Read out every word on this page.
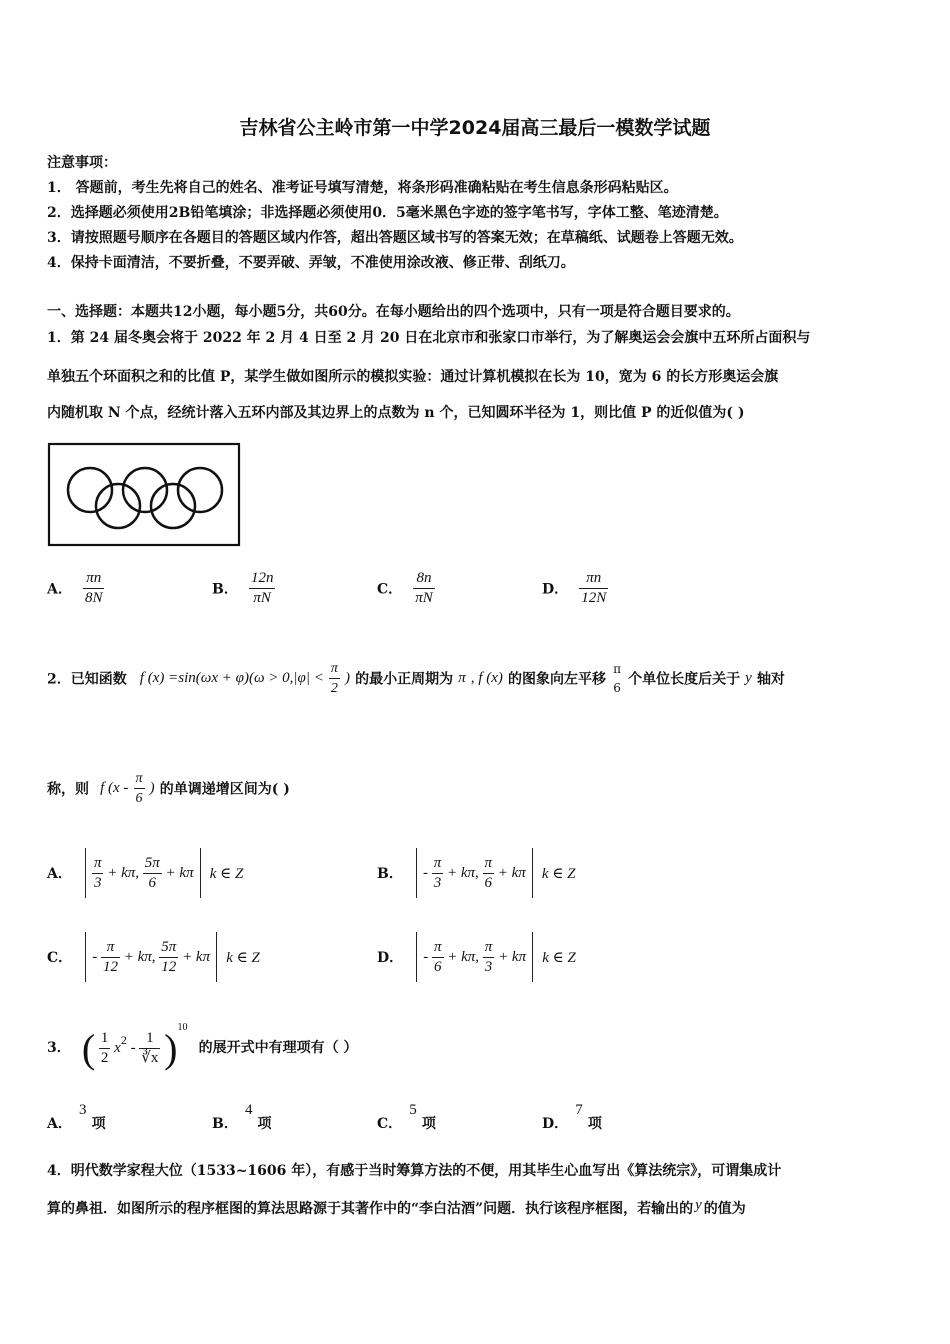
吉林省公主岭市第一中学2024届高三最后一模数学试题
注意事项：
1． 答题前，考生先将自己的姓名、准考证号填写清楚，将条形码准确粘贴在考生信息条形码粘贴区。
2．选择题必须使用2B铅笔填涂；非选择题必须使用0．5毫米黑色字迹的签字笔书写，字体工整、笔迹清楚。
3．请按照题号顺序在各题目的答题区域内作答，超出答题区域书写的答案无效；在草稿纸、试题卷上答题无效。
4．保持卡面清洁，不要折叠，不要弄破、弄皱，不准使用涂改液、修正带、刮纸刀。
一、选择题：本题共12小题，每小题5分，共60分。在每小题给出的四个选项中，只有一项是符合题目要求的。
1．第 24 届冬奥会将于 2022 年 2 月 4 日至 2 月 20 日在北京市和张家口市举行，为了解奥运会会旗中五环所占面积与
单独五个环面积之和的比值 P，某学生做如图所示的模拟实验：通过计算机模拟在长为 10，宽为 6 的长方形奥运会旗
内随机取 N 个点，经统计落入五环内部及其边界上的点数为 n 个，已知圆环半径为 1，则比值 P 的近似值为( )
A． $\frac{\pi n}{8N}$	B． $\frac{12n}{\pi N}$	C． $\frac{8n}{\pi N}$	D． $\frac{\pi n}{12N}$
2．已知函数 f $(x) =\sin(\omega x + \varphi)(\omega > 0,|\varphi| < \frac{\pi}{2}$ ) 的最小正周期为 π , f (x) 的图象向左平移
π
6 个单位长度后关于 y 轴对
称，则 f ($x - \frac{\pi}{6}$ ) 的单调递增区间为( )
A． $\frac{\pi}{3} + k\pi$, $\frac{5\pi}{6} + k\pi$ k ∈ Z	B． - $\frac{\pi}{3} + k\pi$, $\frac{\pi}{6} + k\pi$ k ∈ Z
C． - $\frac{\pi}{12} + k\pi$, $\frac{5\pi}{12} + k\pi$ k ∈ Z	D． - $\frac{\pi}{6} + k\pi$, $\frac{\pi}{3} + k\pi$ k ∈ Z
3． ( $\frac{1}{2} x^2 - \frac{1}{∛x} )^{10}$ 的展开式中有理项有（ ）
A． 3 项	B． 4 项	C． 5 项	D． 7 项
4．明代数学家程大位（1533~1606 年），有感于当时筹算方法的不便，用其毕生心血写出《算法统宗》，可谓集成计
算的鼻祖．如图所示的程序框图的算法思路源于其著作中的“李白沽酒”问题．执行该程序框图，若输出的 y 的值为
